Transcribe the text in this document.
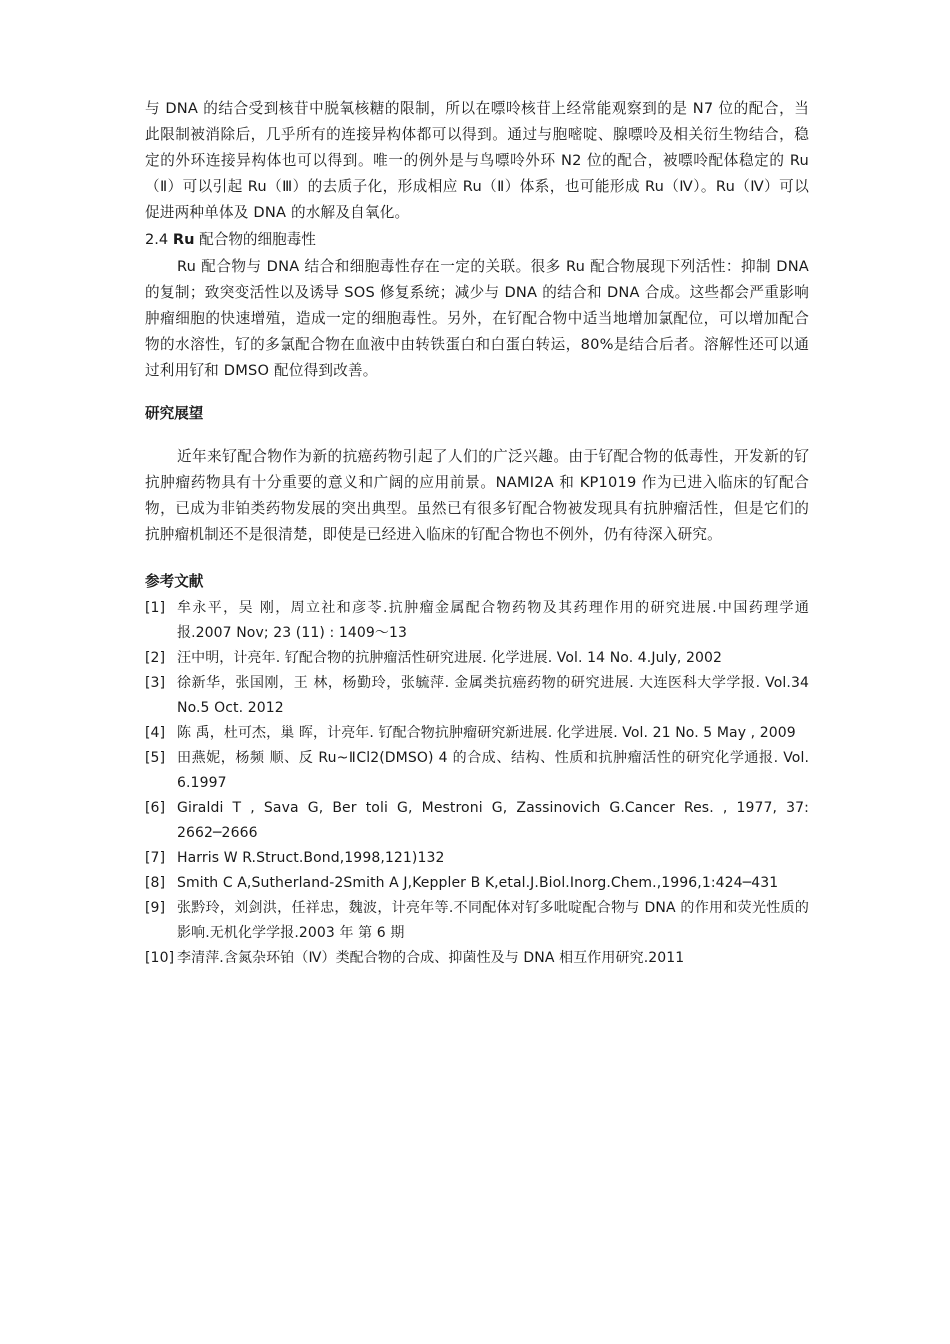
与 DNA 的结合受到核苷中脱氧核糖的限制，所以在嘌呤核苷上经常能观察到的是 N7 位的配合，当此限制被消除后，几乎所有的连接异构体都可以得到。通过与胞嘧啶、腺嘌呤及相关衍生物结合，稳定的外环连接异构体也可以得到。唯一的例外是与鸟嘌呤外环 N2 位的配合，被嘌呤配体稳定的 Ru（Ⅱ）可以引起 Ru（Ⅲ）的去质子化，形成相应 Ru（Ⅱ）体系，也可能形成 Ru（Ⅳ）。Ru（Ⅳ）可以促进两种单体及 DNA 的水解及自氧化。

2.4 Ru 配合物的细胞毒性

Ru 配合物与 DNA 结合和细胞毒性存在一定的关联。很多 Ru 配合物展现下列活性：抑制 DNA 的复制；致突变活性以及诱导 SOS 修复系统；减少与 DNA 的结合和 DNA 合成。这些都会严重影响肿瘤细胞的快速增殖，造成一定的细胞毒性。另外，在钌配合物中适当地增加氯配位，可以增加配合物的水溶性，钌的多氯配合物在血液中由转铁蛋白和白蛋白转运，80%是结合后者。溶解性还可以通过利用钌和 DMSO 配位得到改善。

研究展望

近年来钌配合物作为新的抗癌药物引起了人们的广泛兴趣。由于钌配合物的低毒性，开发新的钌抗肿瘤药物具有十分重要的意义和广阔的应用前景。NAMI2A 和 KP1019 作为已进入临床的钌配合物，已成为非铂类药物发展的突出典型。虽然已有很多钌配合物被发现具有抗肿瘤活性，但是它们的抗肿瘤机制还不是很清楚，即使是已经进入临床的钌配合物也不例外，仍有待深入研究。

参考文献

[1] 牟永平，吴 刚，周立社和彦苓.抗肿瘤金属配合物药物及其药理作用的研究进展.中国药理学通报.2007 Nov; 23 (11) : 1409～13
[2] 汪中明，计亮年. 钌配合物的抗肿瘤活性研究进展. 化学进展. Vol. 14 No. 4.July, 2002
[3] 徐新华，张国刚，王 林，杨勤玲，张毓萍. 金属类抗癌药物的研究进展. 大连医科大学学报. Vol.34 No.5 Oct. 2012
[4] 陈 禹，杜可杰，巢 晖，计亮年. 钌配合物抗肿瘤研究新进展. 化学进展. Vol. 21 No. 5 May , 2009
[5] 田燕妮，杨频 顺、反 Ru~ⅡCl2(DMSO) 4 的合成、结构、性质和抗肿瘤活性的研究化学通报. Vol. 6.1997
[6] Giraldi T , Sava G, Ber toli G, Mestroni G, Zassinovich G.Cancer Res. , 1977, 37: 2662─2666
[7] Harris W R.Struct.Bond,1998,121)132
[8] Smith C A,Sutherland-2Smith A J,Keppler B K,etal.J.Biol.Inorg.Chem.,1996,1:424─431
[9] 张黔玲，刘剑洪，任祥忠，魏波，计亮年等.不同配体对钌多吡啶配合物与 DNA 的作用和荧光性质的影响.无机化学学报.2003 年 第 6 期
[10] 李清萍.含氮杂环铂（Ⅳ）类配合物的合成、抑菌性及与 DNA 相互作用研究.2011
